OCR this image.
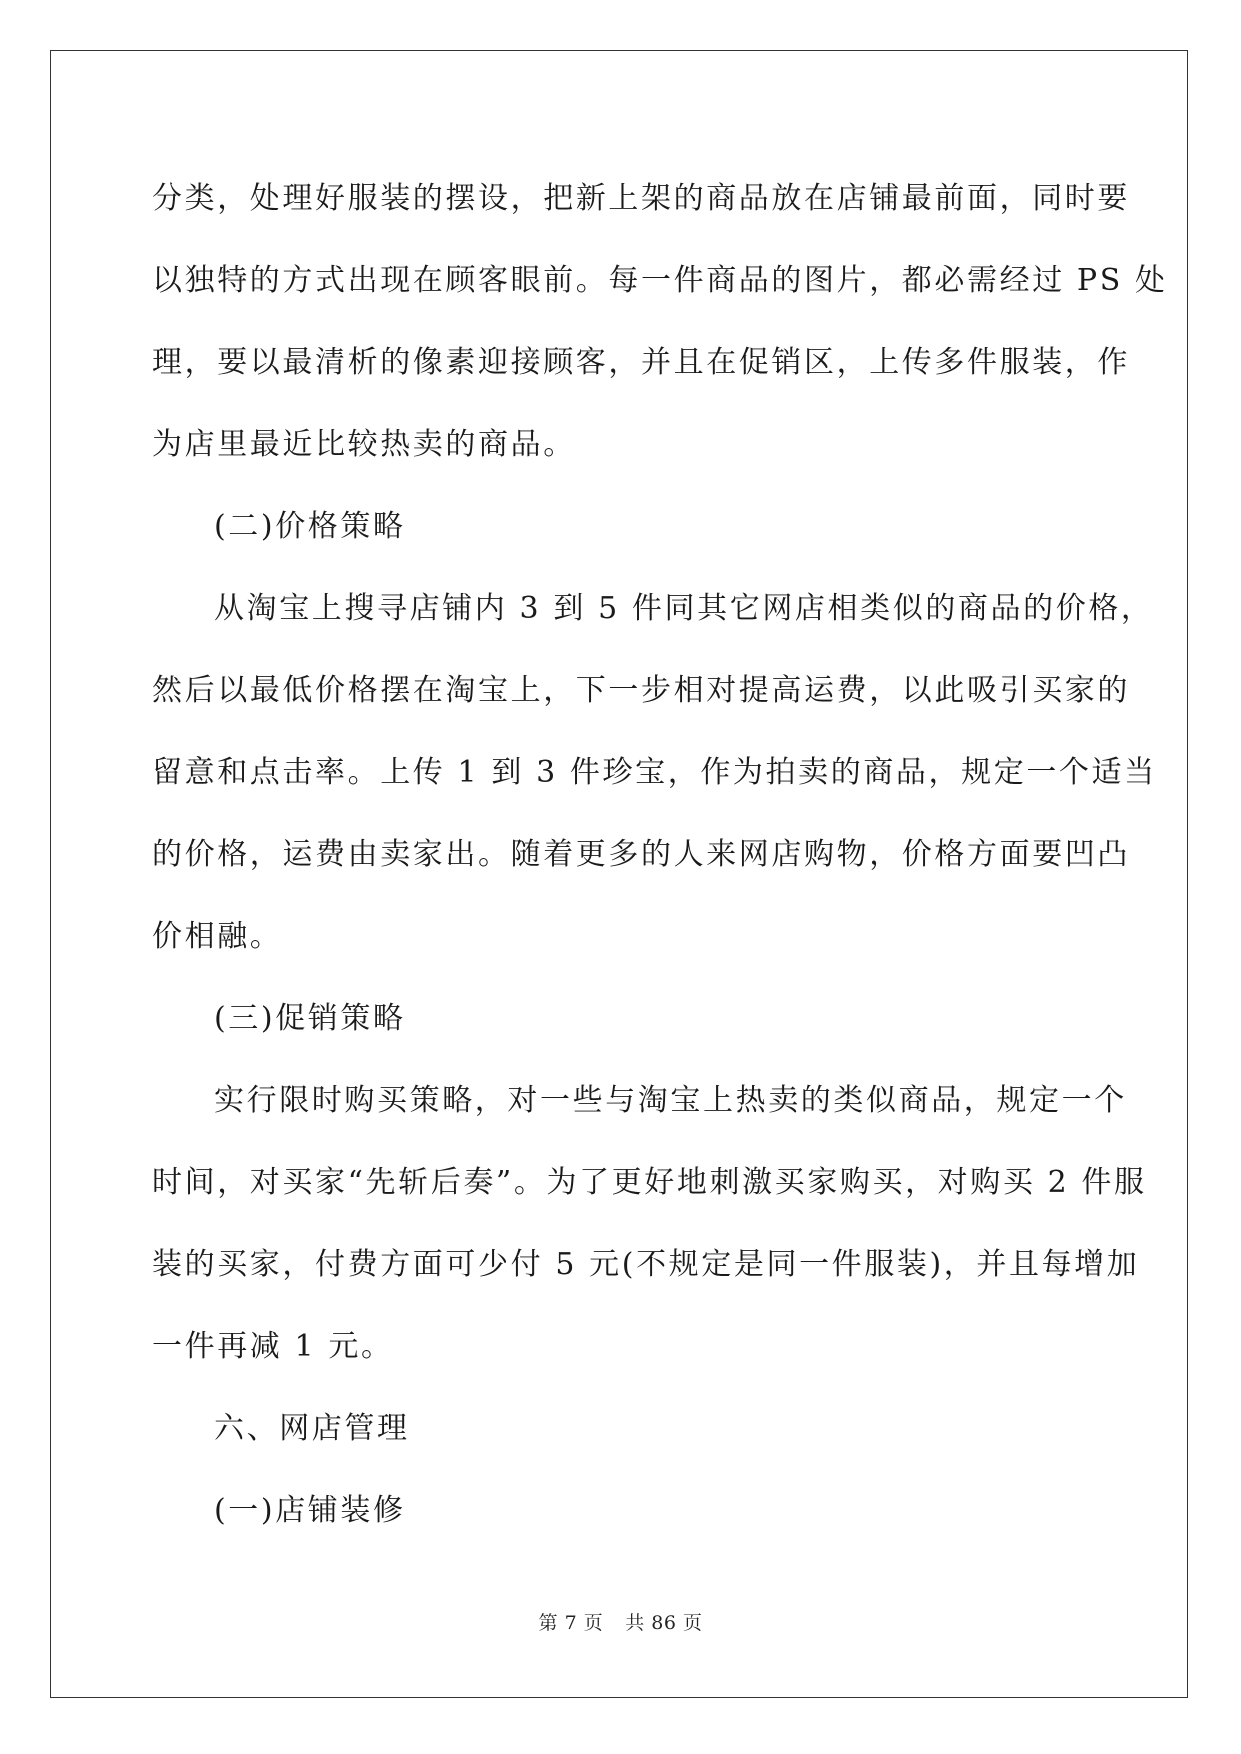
分类，处理好服装的摆设，把新上架的商品放在店铺最前面，同时要
以独特的方式出现在顾客眼前。每一件商品的图片，都必需经过 PS 处
理，要以最清析的像素迎接顾客，并且在促销区，上传多件服装，作
为店里最近比较热卖的商品。
(二)价格策略
从淘宝上搜寻店铺内 3 到 5 件同其它网店相类似的商品的价格，
然后以最低价格摆在淘宝上，下一步相对提高运费，以此吸引买家的
留意和点击率。上传 1 到 3 件珍宝，作为拍卖的商品，规定一个适当
的价格，运费由卖家出。随着更多的人来网店购物，价格方面要凹凸
价相融。
(三)促销策略
实行限时购买策略，对一些与淘宝上热卖的类似商品，规定一个
时间，对买家“先斩后奏”。为了更好地刺激买家购买，对购买 2 件服
装的买家，付费方面可少付 5 元(不规定是同一件服装)，并且每增加
一件再减 1 元。
六、网店管理
(一)店铺装修
第 7 页 共 86 页
